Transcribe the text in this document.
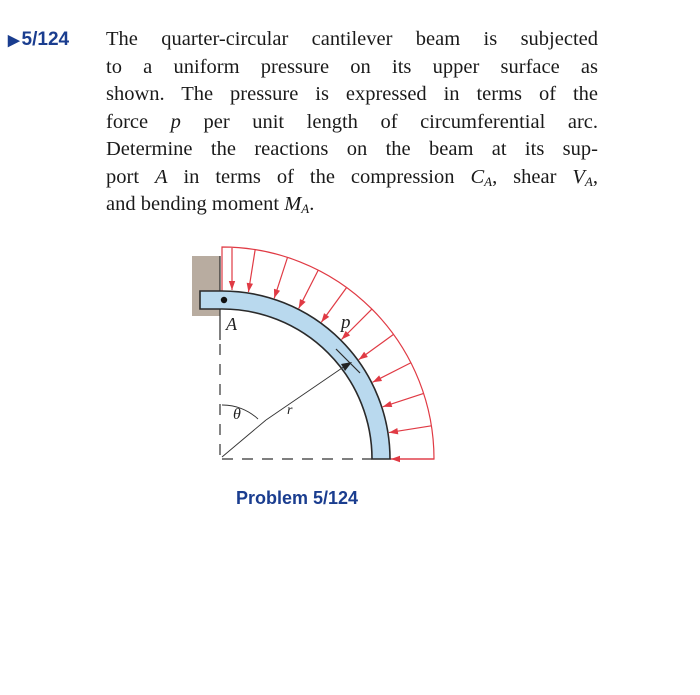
▶ 5/124	The quarter-circular cantilever beam is subjected
to a uniform pressure on its upper surface as
shown. The pressure is expressed in terms of the
force p per unit length of circumferential arc.
Determine the reactions on the beam at its sup-
port A in terms of the compression $C_A$, shear $V_A$,
and bending moment $M_A$.
A	p
θ	r
Problem 5/124
